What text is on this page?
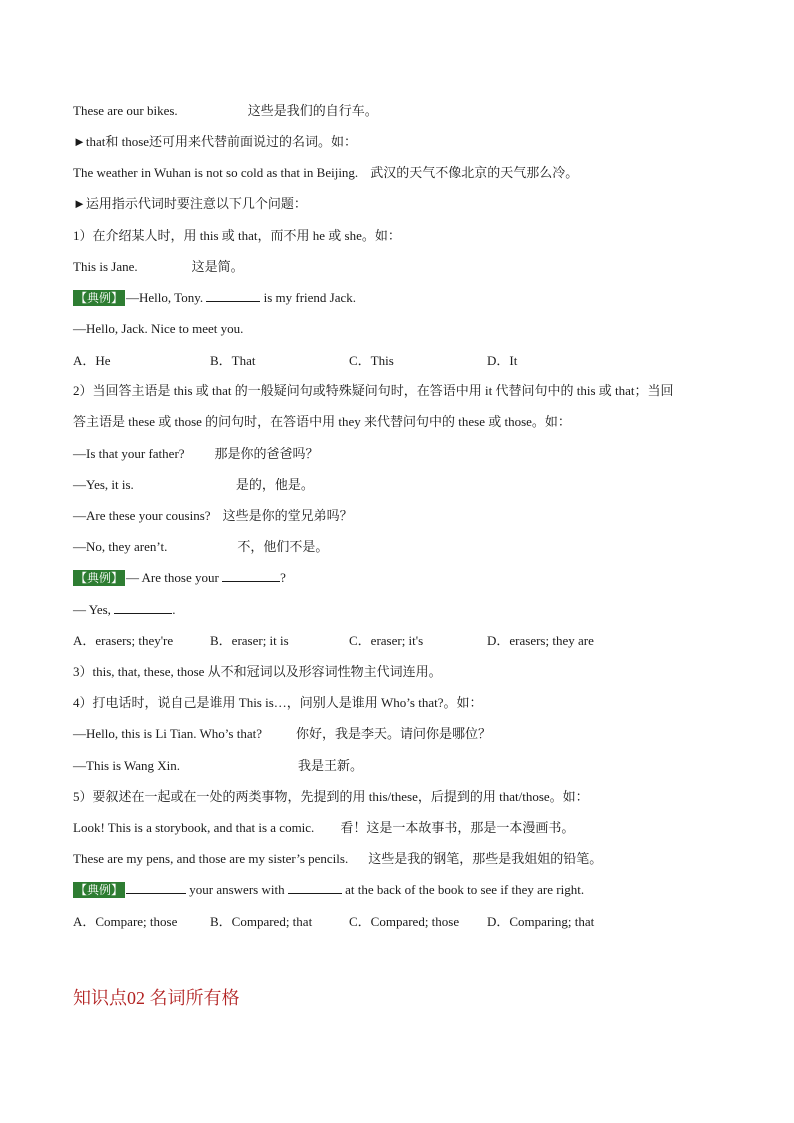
These are our bikes.	这些是我们的自行车。
►that和 those还可用来代替前面说过的名词。如：
The weather in Wuhan is not so cold as that in Beijing. 武汉的天气不像北京的天气那么冷。
►运用指示代词时要注意以下几个问题：
1）在介绍某人时，用 this 或 that，而不用 he 或 she。如：
This is Jane.	这是简。
【典例】 —Hello, Tony.	is my friend Jack.
—Hello, Jack. Nice to meet you.
A．He	B．That	C．This	D．It
2）当回答主语是 this 或 that 的一般疑问句或特殊疑问句时，在答语中用 it 代替问句中的 this 或 that；当回
答主语是 these 或 those 的问句时，在答语中用 they 来代替问句中的 these 或 those。如：
—Is that your father? 那是你的爸爸吗？
—Yes, it is.	是的，他是。
—Are these your cousins? 这些是你的堂兄弟吗？
—No, they aren’t.	不，他们不是。
【典例】 — Are those your	?
— Yes,	.
A．erasers; they're	B．eraser; it is	C．eraser; it's	D．erasers; they are
3）this, that, these, those 从不和冠词以及形容词性物主代词连用。
4）打电话时，说自己是谁用 This is…，问别人是谁用 Who’s that?。如：
—Hello, this is Li Tian. Who’s that?	你好，我是李天。请问你是哪位？
—This is Wang Xin.	我是王新。
5）要叙述在一起或在一处的两类事物，先提到的用 this/these，后提到的用 that/those。如：
Look! This is a storybook, and that is a comic. 看！这是一本故事书，那是一本漫画书。
These are my pens, and those are my sister’s pencils. 这些是我的钢笔，那些是我姐姐的铅笔。
【典例】	your answers with	at the back of the book to see if they are right.
A．Compare; those	B．Compared; that	C．Compared; those D．Comparing; that
知识点02 名词所有格
